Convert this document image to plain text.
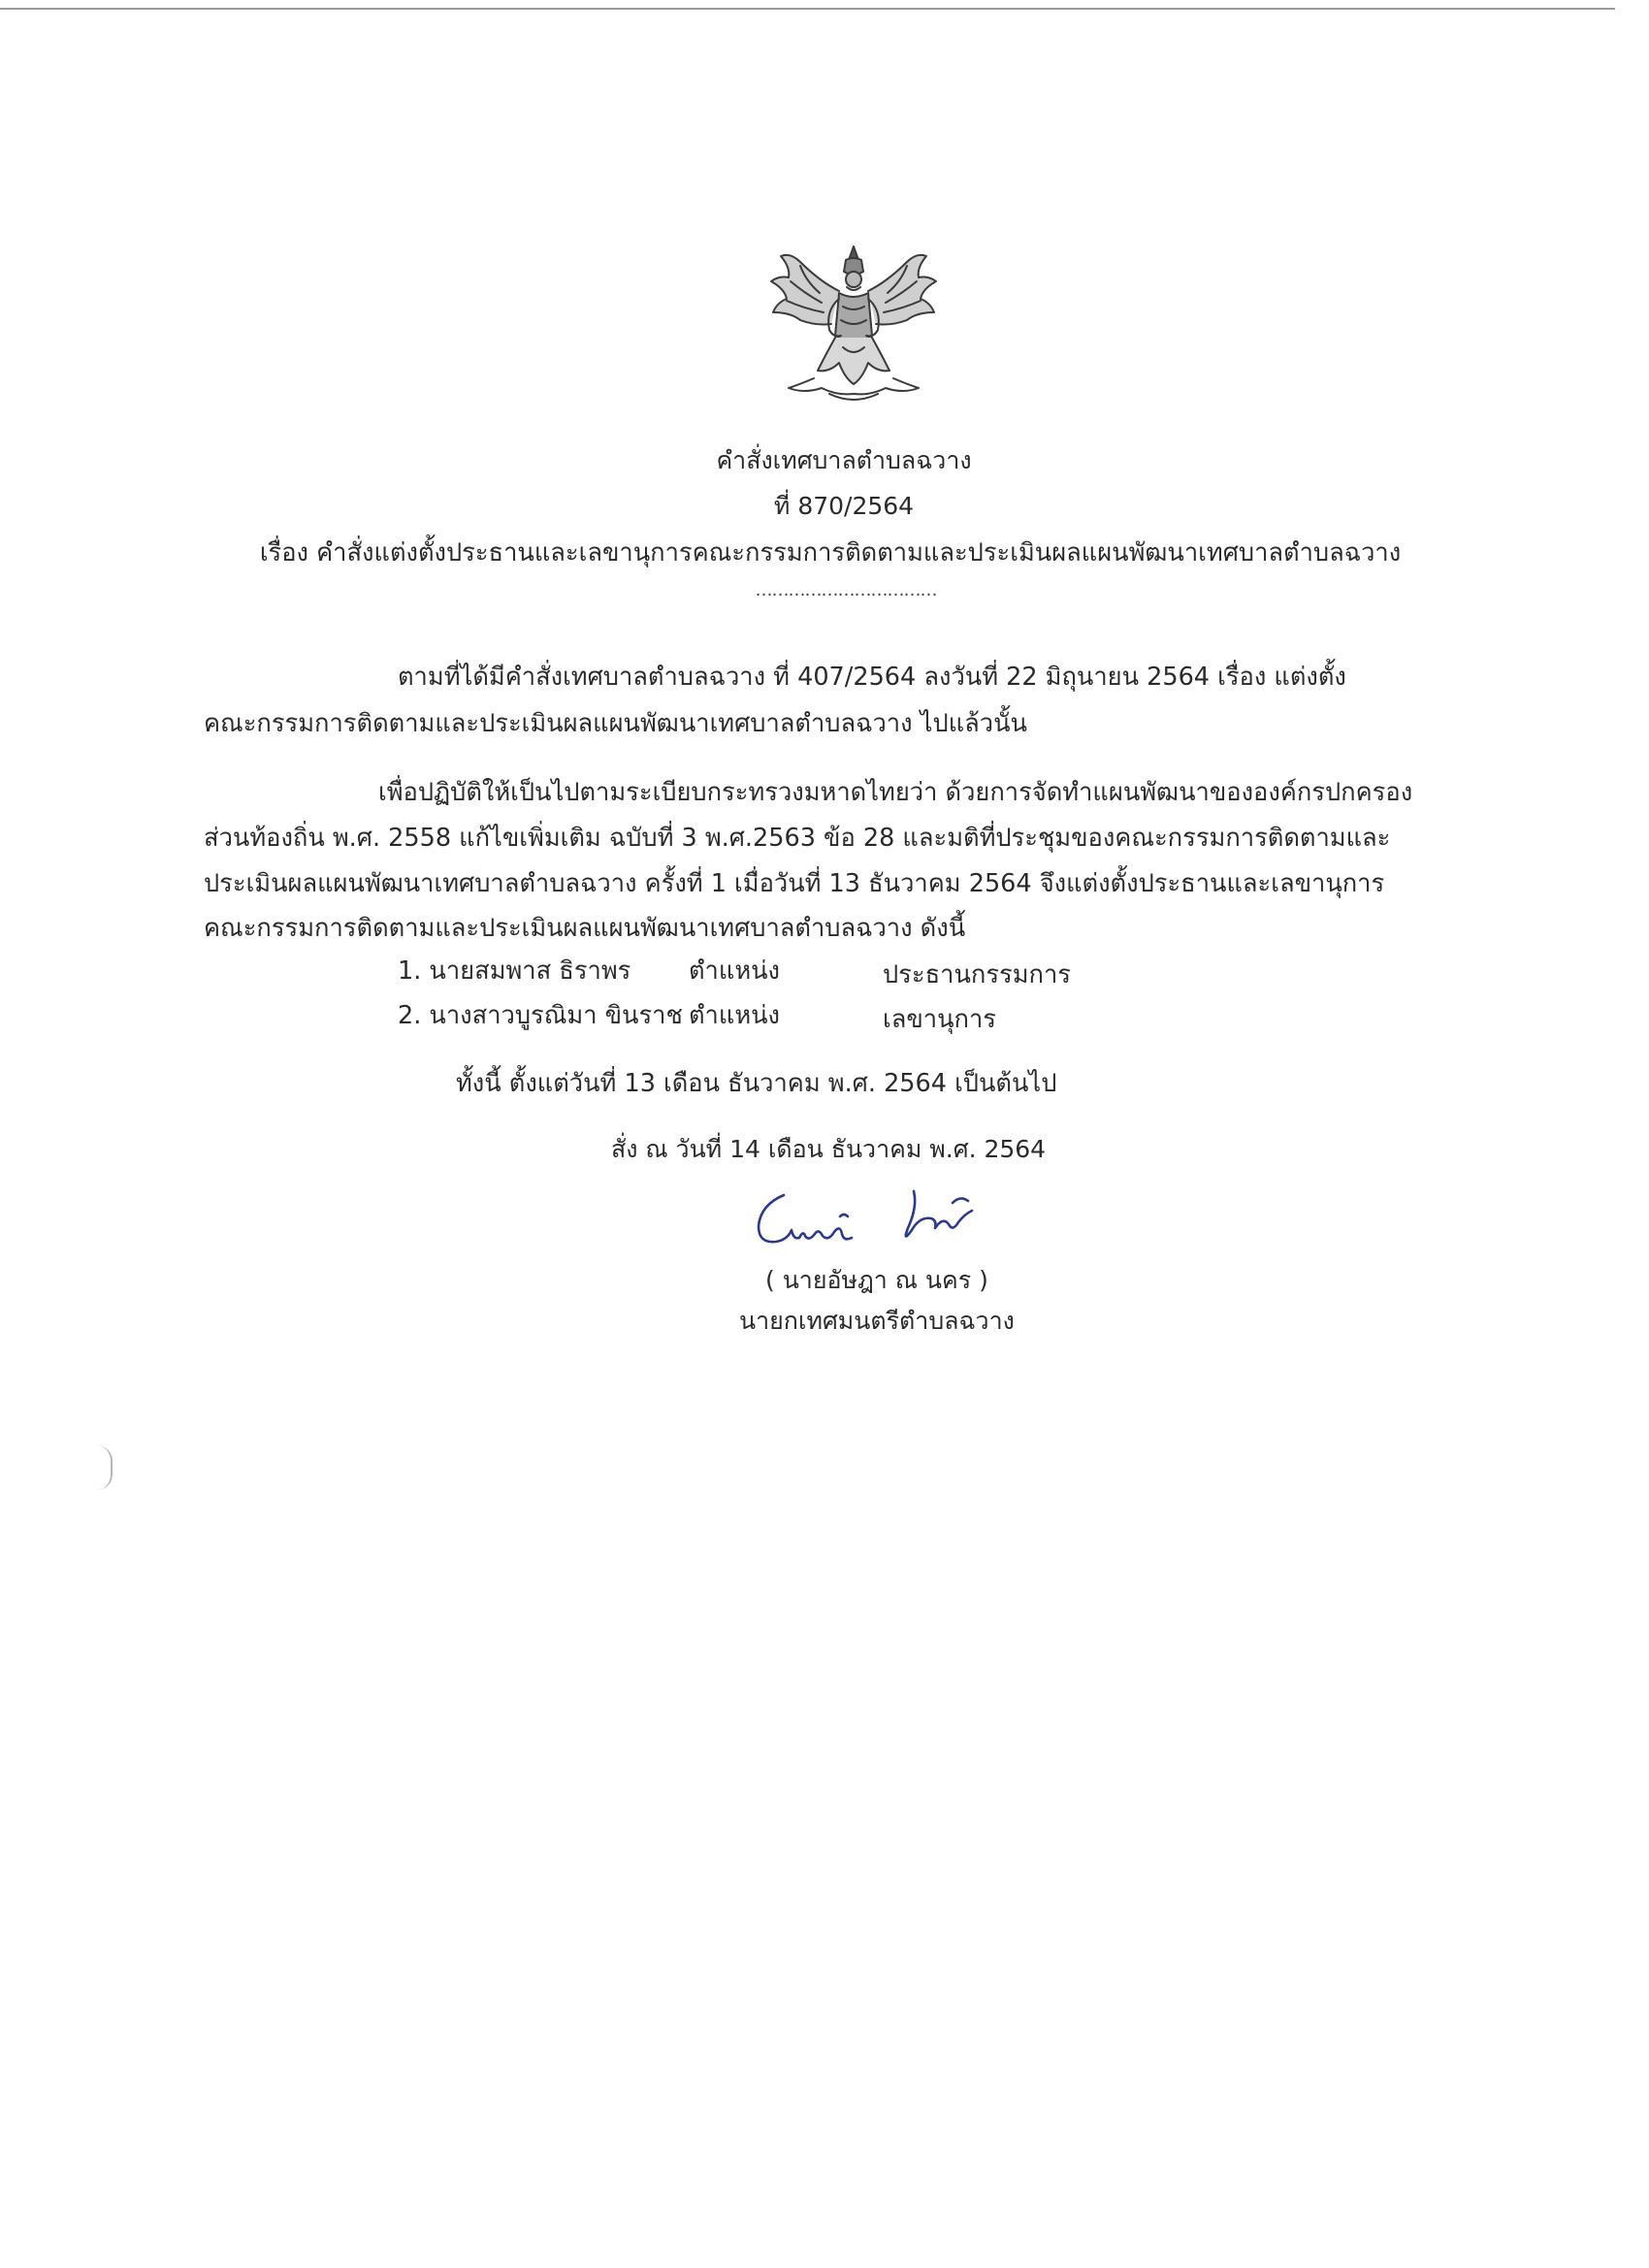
คำสั่งเทศบาลตำบลฉวาง
ที่ 870/2564
เรื่อง คำสั่งแต่งตั้งประธานและเลขานุการคณะกรรมการติดตามและประเมินผลแผนพัฒนาเทศบาลตำบลฉวาง
……………………………
ตามที่ได้มีคำสั่งเทศบาลตำบลฉวาง ที่ 407/2564 ลงวันที่ 22 มิถุนายน 2564 เรื่อง แต่งตั้ง
คณะกรรมการติดตามและประเมินผลแผนพัฒนาเทศบาลตำบลฉวาง ไปแล้วนั้น
เพื่อปฏิบัติให้เป็นไปตามระเบียบกระทรวงมหาดไทยว่า ด้วยการจัดทำแผนพัฒนาขององค์กรปกครอง
ส่วนท้องถิ่น พ.ศ. 2558 แก้ไขเพิ่มเติม ฉบับที่ 3 พ.ศ.2563 ข้อ 28 และมติที่ประชุมของคณะกรรมการติดตามและ
ประเมินผลแผนพัฒนาเทศบาลตำบลฉวาง ครั้งที่ 1 เมื่อวันที่ 13 ธันวาคม 2564 จึงแต่งตั้งประธานและเลขานุการ
คณะกรรมการติดตามและประเมินผลแผนพัฒนาเทศบาลตำบลฉวาง ดังนี้
1. นายสมพาส ธิราพร ตำแหน่ง	ประธานกรรมการ
2. นางสาวบูรณิมา ขินราช ตำแหน่ง	เลขานุการ
ทั้งนี้ ตั้งแต่วันที่ 13 เดือน ธันวาคม พ.ศ. 2564 เป็นต้นไป
สั่ง ณ วันที่ 14 เดือน ธันวาคม พ.ศ. 2564
( นายอัษฎา ณ นคร )
นายกเทศมนตรีตำบลฉวาง
